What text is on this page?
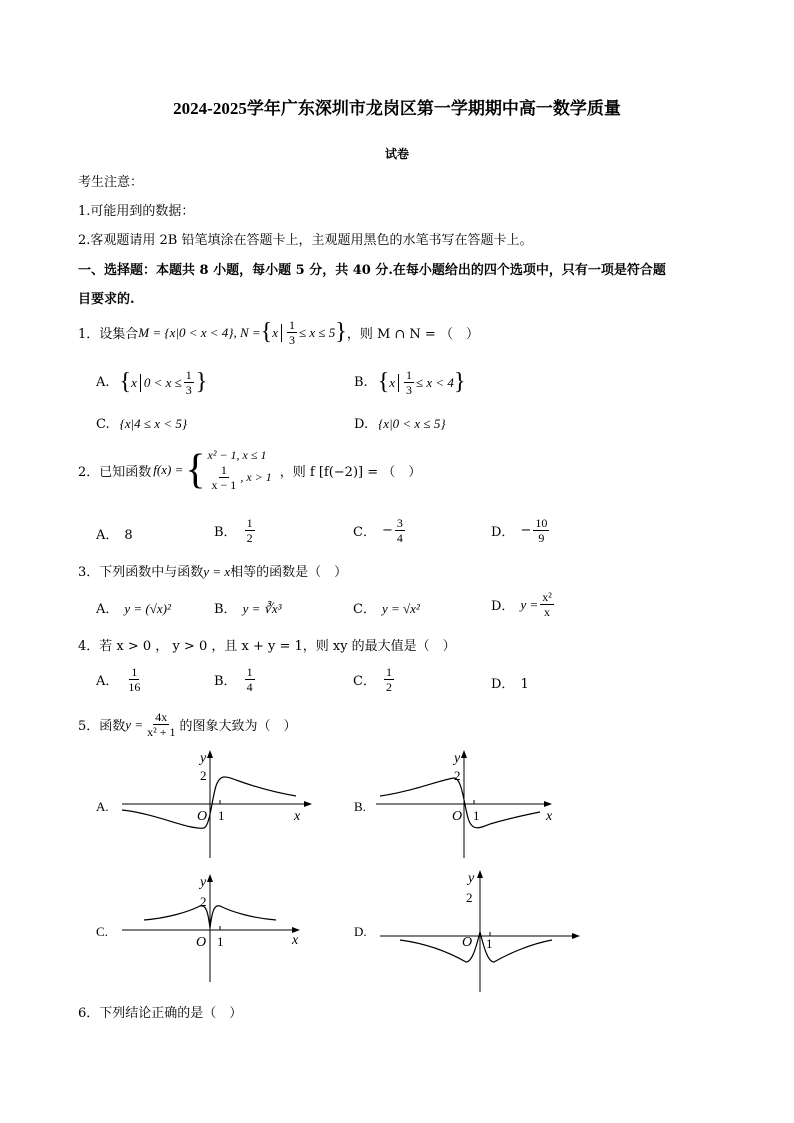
2024-2025学年广东深圳市龙岗区第一学期期中高一数学质量
试卷
考生注意：
1.可能用到的数据：
2.客观题请用 2B 铅笔填涂在答题卡上，主观题用黑色的水笔书写在答题卡上。
一、选择题：本题共 8 小题，每小题 5 分，共 40 分.在每小题给出的四个选项中，只有一项是符合题
目要求的.
1． 设集合 M = {x|0 < x < 4} , N = { x $\frac{1}{3} \le x \le 5$ } ，则 M ∩ N = （　）
A. { x $0 < x \le \frac{1}{3}$ }	B. { x $\frac{1}{3} \le x < 4$ }
C. {x|4 ≤ x < 5}	D. {x|0 < x ≤ 5}
2． 已知函数 f(x) = { x² − 1, x ≤ 1
$\frac{1}{x - 1}$ , x > 1 ，则 f [f(−2)] = （　）
A． 8	B． $\frac{1}{2}$	C． − $\frac{3}{4}$	D． − $\frac{10}{9}$
3．下列函数中与函数y = x相等的函数是（　）
A． y = (√x)²	B． y = ∛x³	C． y = √x²	D． $y = \frac{\text{x²}}{x}$
4．若 x > 0 ， y > 0 ，且 x + y = 1，则 xy 的最大值是（　）
A． $\frac{1}{16}$	B． $\frac{1}{4}$	C． $\frac{1}{2}$	D． 1
5． 函数 $y = \frac{4x}{\text{x² + 1}}$ 的图象大致为（　）
A.
O 1
2
y
x
B.
O 1
2
y
x
C.
O 1
2
y
x
D.
O 1
2
y
6．下列结论正确的是（　）
